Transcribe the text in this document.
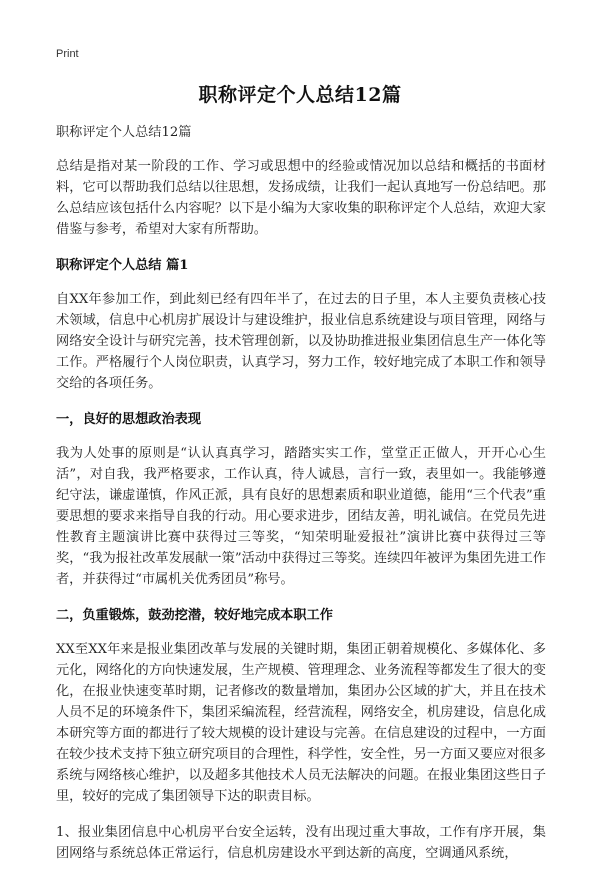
Print
职称评定个人总结12篇

职称评定个人总结12篇

总结是指对某一阶段的工作、学习或思想中的经验或情况加以总结和概括的书面材料，它可以帮助我们总结以往思想，发扬成绩，让我们一起认真地写一份总结吧。那么总结应该包括什么内容呢？以下是小编为大家收集的职称评定个人总结，欢迎大家借鉴与参考，希望对大家有所帮助。

职称评定个人总结 篇1

自XX年参加工作，到此刻已经有四年半了，在过去的日子里，本人主要负责核心技术领域，信息中心机房扩展设计与建设维护，报业信息系统建设与项目管理，网络与网络安全设计与研究完善，技术管理创新，以及协助推进报业集团信息生产一体化等工作。严格履行个人岗位职责，认真学习，努力工作，较好地完成了本职工作和领导交给的各项任务。

一，良好的思想政治表现

我为人处事的原则是“认认真真学习，踏踏实实工作，堂堂正正做人，开开心心生活”，对自我，我严格要求，工作认真，待人诚恳，言行一致，表里如一。我能够遵纪守法，谦虚谨慎，作风正派，具有良好的思想素质和职业道德，能用“三个代表”重要思想的要求来指导自我的行动。用心要求进步，团结友善，明礼诚信。在党员先进性教育主题演讲比赛中获得过三等奖，“知荣明耻爱报社”演讲比赛中获得过三等奖，“我为报社改革发展献一策”活动中获得过三等奖。连续四年被评为集团先进工作者，并获得过“市属机关优秀团员”称号。

二，负重锻炼，鼓劲挖潜，较好地完成本职工作

XX至XX年来是报业集团改革与发展的关键时期，集团正朝着规模化、多媒体化、多元化，网络化的方向快速发展，生产规模、管理理念、业务流程等都发生了很大的变化，在报业快速变革时期，记者修改的数量增加，集团办公区域的扩大，并且在技术人员不足的环境条件下，集团采编流程，经营流程，网络安全，机房建设，信息化成本研究等方面的都进行了较大规模的设计建设与完善。在信息建设的过程中，一方面在较少技术支持下独立研究项目的合理性，科学性，安全性，另一方面又要应对很多系统与网络核心维护，以及超多其他技术人员无法解决的问题。在报业集团这些日子里，较好的完成了集团领导下达的职责目标。

1、报业集团信息中心机房平台安全运转，没有出现过重大事故，工作有序开展，集团网络与系统总体正常运行，信息机房建设水平到达新的高度，空调通风系统，
